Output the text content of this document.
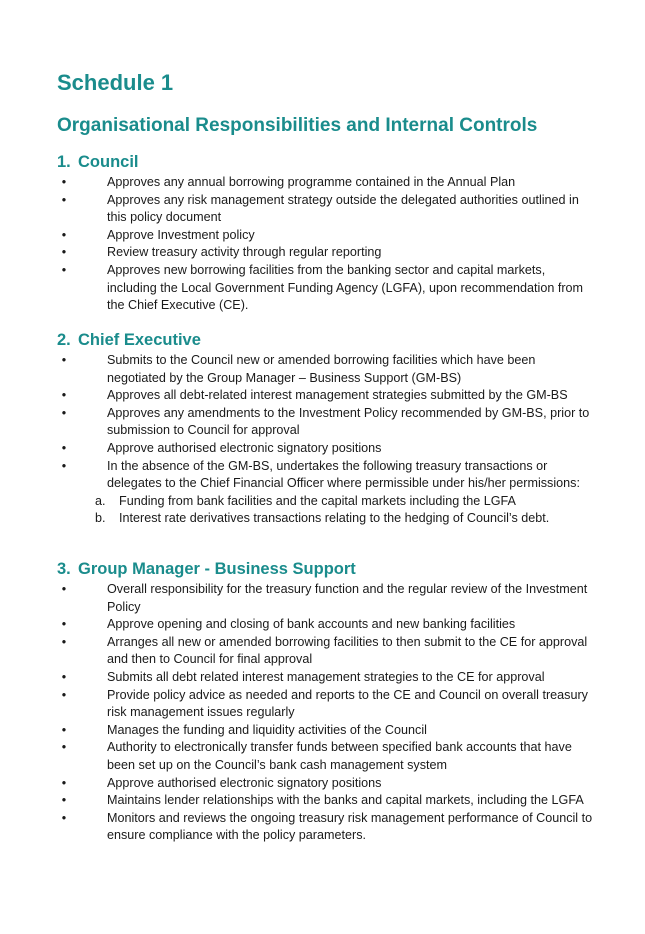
Schedule 1
Organisational Responsibilities and Internal Controls
1. Council
•	Approves any annual borrowing programme contained in the Annual Plan
•	Approves any risk management strategy outside the delegated authorities outlined in this policy document
•	Approve Investment policy
•	Review treasury activity through regular reporting
•	Approves new borrowing facilities from the banking sector and capital markets, including the Local Government Funding Agency (LGFA), upon recommendation from the Chief Executive (CE).
2. Chief Executive
•	Submits to the Council new or amended borrowing facilities which have been negotiated by the Group Manager – Business Support (GM-BS)
•	Approves all debt-related interest management strategies submitted by the GM-BS
•	Approves any amendments to the Investment Policy recommended by GM-BS, prior to submission to Council for approval
•	Approve authorised electronic signatory positions
•	In the absence of the GM-BS, undertakes the following treasury transactions or delegates to the Chief Financial Officer where permissible under his/her permissions:
a. Funding from bank facilities and the capital markets including the LGFA
b. Interest rate derivatives transactions relating to the hedging of Council’s debt.
3. Group Manager - Business Support
•	Overall responsibility for the treasury function and the regular review of the Investment Policy
•	Approve opening and closing of bank accounts and new banking facilities
•	Arranges all new or amended borrowing facilities to then submit to the CE for approval and then to Council for final approval
•	Submits all debt related interest management strategies to the CE for approval
•	Provide policy advice as needed and reports to the CE and Council on overall treasury risk management issues regularly
•	Manages the funding and liquidity activities of the Council
•	Authority to electronically transfer funds between specified bank accounts that have been set up on the Council’s bank cash management system
•	Approve authorised electronic signatory positions
•	Maintains lender relationships with the banks and capital markets, including the LGFA
•	Monitors and reviews the ongoing treasury risk management performance of Council to ensure compliance with the policy parameters.
